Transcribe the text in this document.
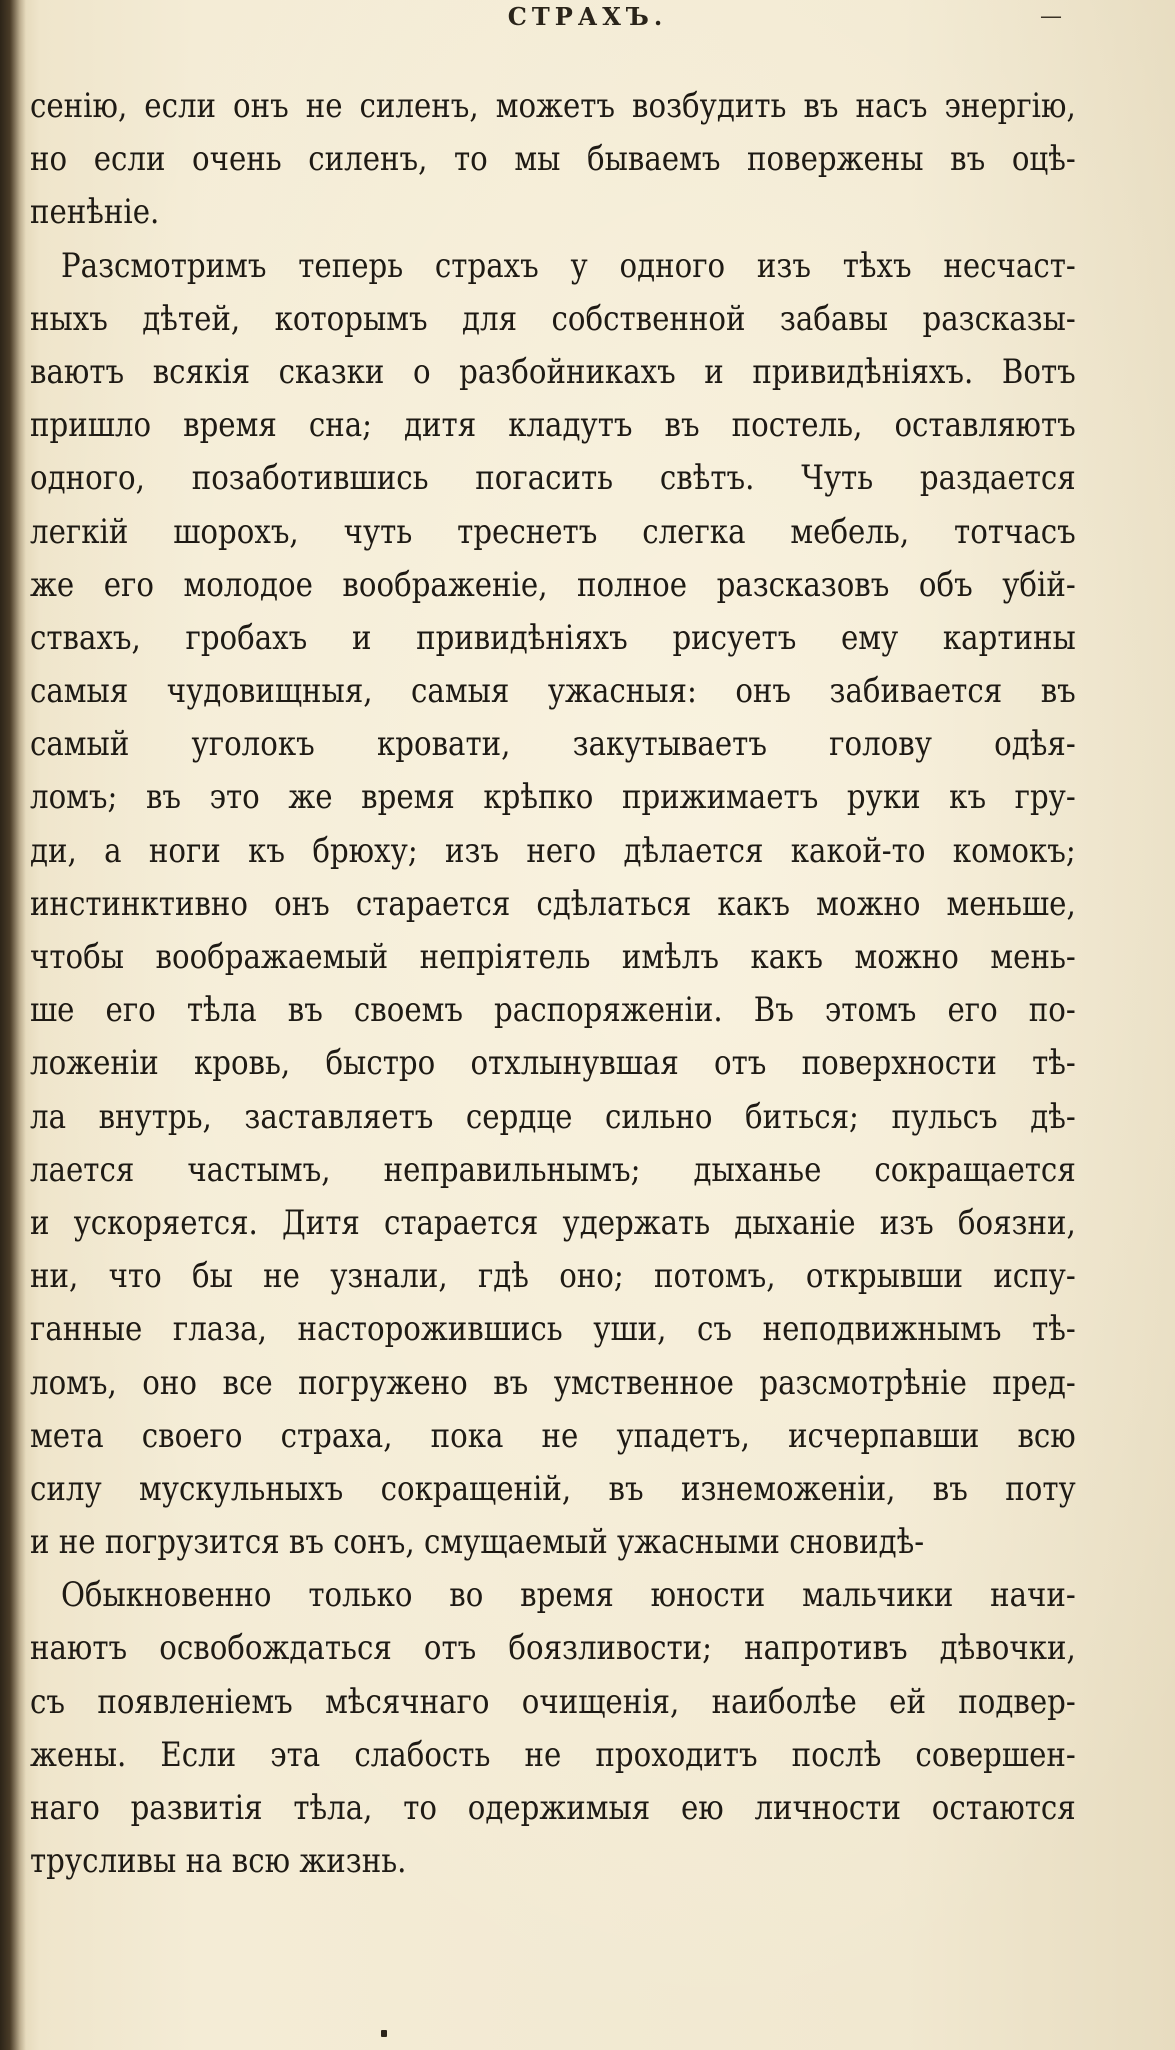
СТРАХЪ.	—
сенію, если онъ не силенъ, можетъ возбудить въ насъ энергію,
но если очень силенъ, то мы бываемъ повержены въ оцѣ-
пенѣніе.
Разсмотримъ теперь страхъ у одного изъ тѣхъ несчаст-
ныхъ дѣтей, которымъ для собственной забавы разсказы-
ваютъ всякія сказки о разбойникахъ и привидѣніяхъ. Вотъ
пришло время сна; дитя кладутъ въ постель, оставляютъ
одного, позаботившись погасить свѣтъ. Чуть раздается
легкій шорохъ, чуть треснетъ слегка мебель, тотчасъ
же его молодое воображеніе, полное разсказовъ объ убій-
ствахъ, гробахъ и привидѣніяхъ рисуетъ ему картины
самыя чудовищныя, самыя ужасныя: онъ забивается въ
самый уголокъ кровати, закутываетъ голову одѣя-
ломъ; въ это же время крѣпко прижимаетъ руки къ гру-
ди, а ноги къ брюху; изъ него дѣлается какой-то комокъ;
инстинктивно онъ старается сдѣлаться какъ можно меньше,
чтобы воображаемый непріятель имѣлъ какъ можно мень-
ше его тѣла въ своемъ распоряженіи. Въ этомъ его по-
ложеніи кровь, быстро отхлынувшая отъ поверхности тѣ-
ла внутрь, заставляетъ сердце сильно биться; пульсъ дѣ-
лается частымъ, неправильнымъ; дыханье сокращается
и ускоряется. Дитя старается удержать дыханіе изъ боязни,
ни, что бы не узнали, гдѣ оно; потомъ, открывши испу-
ганные глаза, насторожившись уши, съ неподвижнымъ тѣ-
ломъ, оно все погружено въ умственное разсмотрѣніе пред-
мета своего страха, пока не упадетъ, исчерпавши всю
силу мускульныхъ сокращеній, въ изнеможеніи, въ поту
и не погрузится въ сонъ, смущаемый ужасными сновидѣ-
Обыкновенно только во время юности мальчики начи-
наютъ освобождаться отъ боязливости; напротивъ дѣвочки,
съ появленіемъ мѣсячнаго очищенія, наиболѣе ей подвер-
жены. Если эта слабость не проходитъ послѣ совершен-
наго развитія тѣла, то одержимыя ею личности остаются
трусливы на всю жизнь.
